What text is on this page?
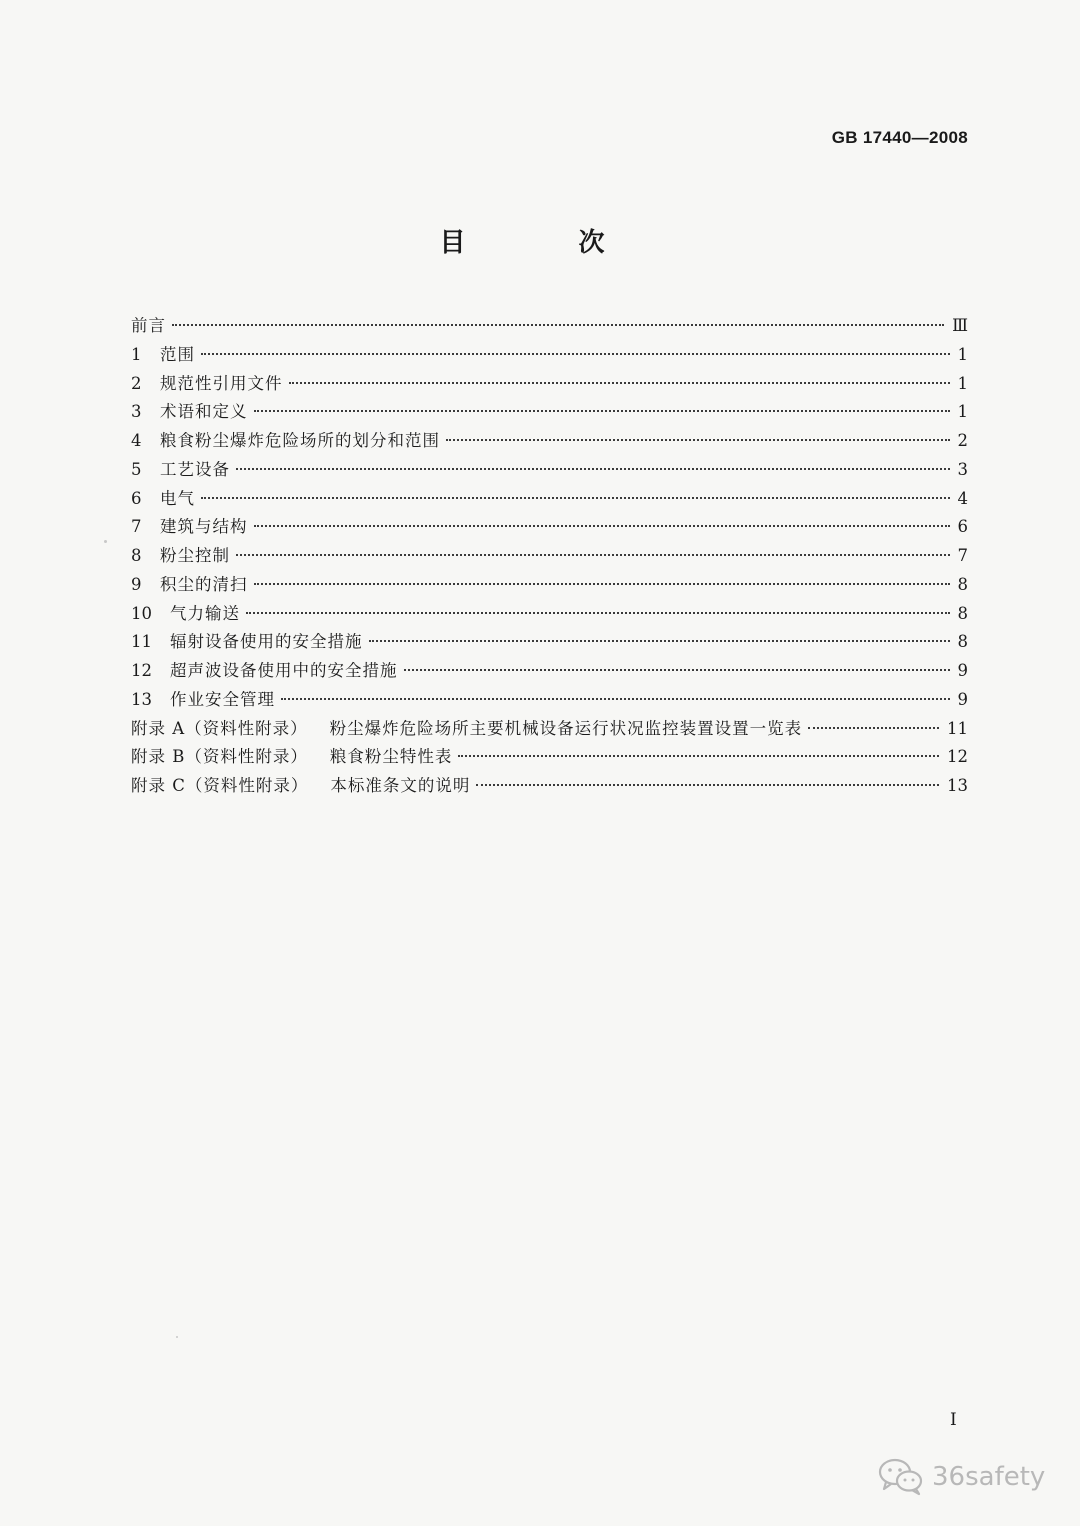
GB 17440—2008
目 次
前言	Ⅲ
1	范围	1
2	规范性引用文件	1
3	术语和定义	1
4	粮食粉尘爆炸危险场所的划分和范围	2
5	工艺设备	3
6	电气	4
7	建筑与结构	6
8	粉尘控制	7
9	积尘的清扫	8
10	气力输送	8
11	辐射设备使用的安全措施	8
12	超声波设备使用中的安全措施	9
13	作业安全管理	9
附录 A（资料性附录） 粉尘爆炸危险场所主要机械设备运行状况监控装置设置一览表	11
附录 B（资料性附录） 粮食粉尘特性表	12
附录 C（资料性附录） 本标准条文的说明	13
I
36safety
